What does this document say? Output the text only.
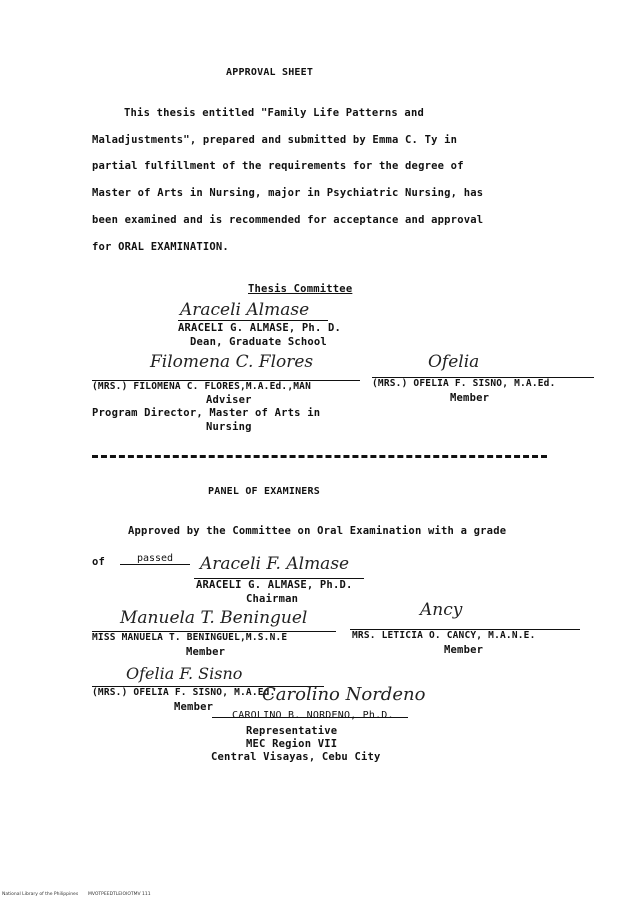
APPROVAL SHEET
This thesis entitled "Family Life Patterns and
Maladjustments", prepared and submitted by Emma C. Ty in
partial fulfillment of the requirements for the degree of
Master of Arts in Nursing, major in Psychiatric Nursing, has
been examined and is recommended for acceptance and approval
for ORAL EXAMINATION.
Thesis Committee
Araceli Almase
ARACELI G. ALMASE, Ph. D.
Dean, Graduate School
Filomena C. Flores
(MRS.) FILOMENA C. FLORES,M.A.Ed.,MAN
Adviser
Program Director, Master of Arts in
Nursing
Ofelia
(MRS.) OFELIA F. SISNO, M.A.Ed.
Member
PANEL OF EXAMINERS
Approved by the Committee on Oral Examination with a grade
of	passed	Araceli F. Almase
ARACELI G. ALMASE, Ph.D.
Chairman
Manuela T. Beninguel
MISS MANUELA T. BENINGUEL,M.S.N.E
Member
Ancy
MRS. LETICIA O. CANCY, M.A.N.E.
Member
Ofelia F. Sisno
(MRS.) OFELIA F. SISNO, M.A.Ed.
Member
Carolino Nordeno
CAROLINO B. NORDENO, Ph.D.
Representative
MEC Region VII
Central Visayas, Cebu City
National Library of the Philippines MVOTPEEDTLEIOIOTMV 111
